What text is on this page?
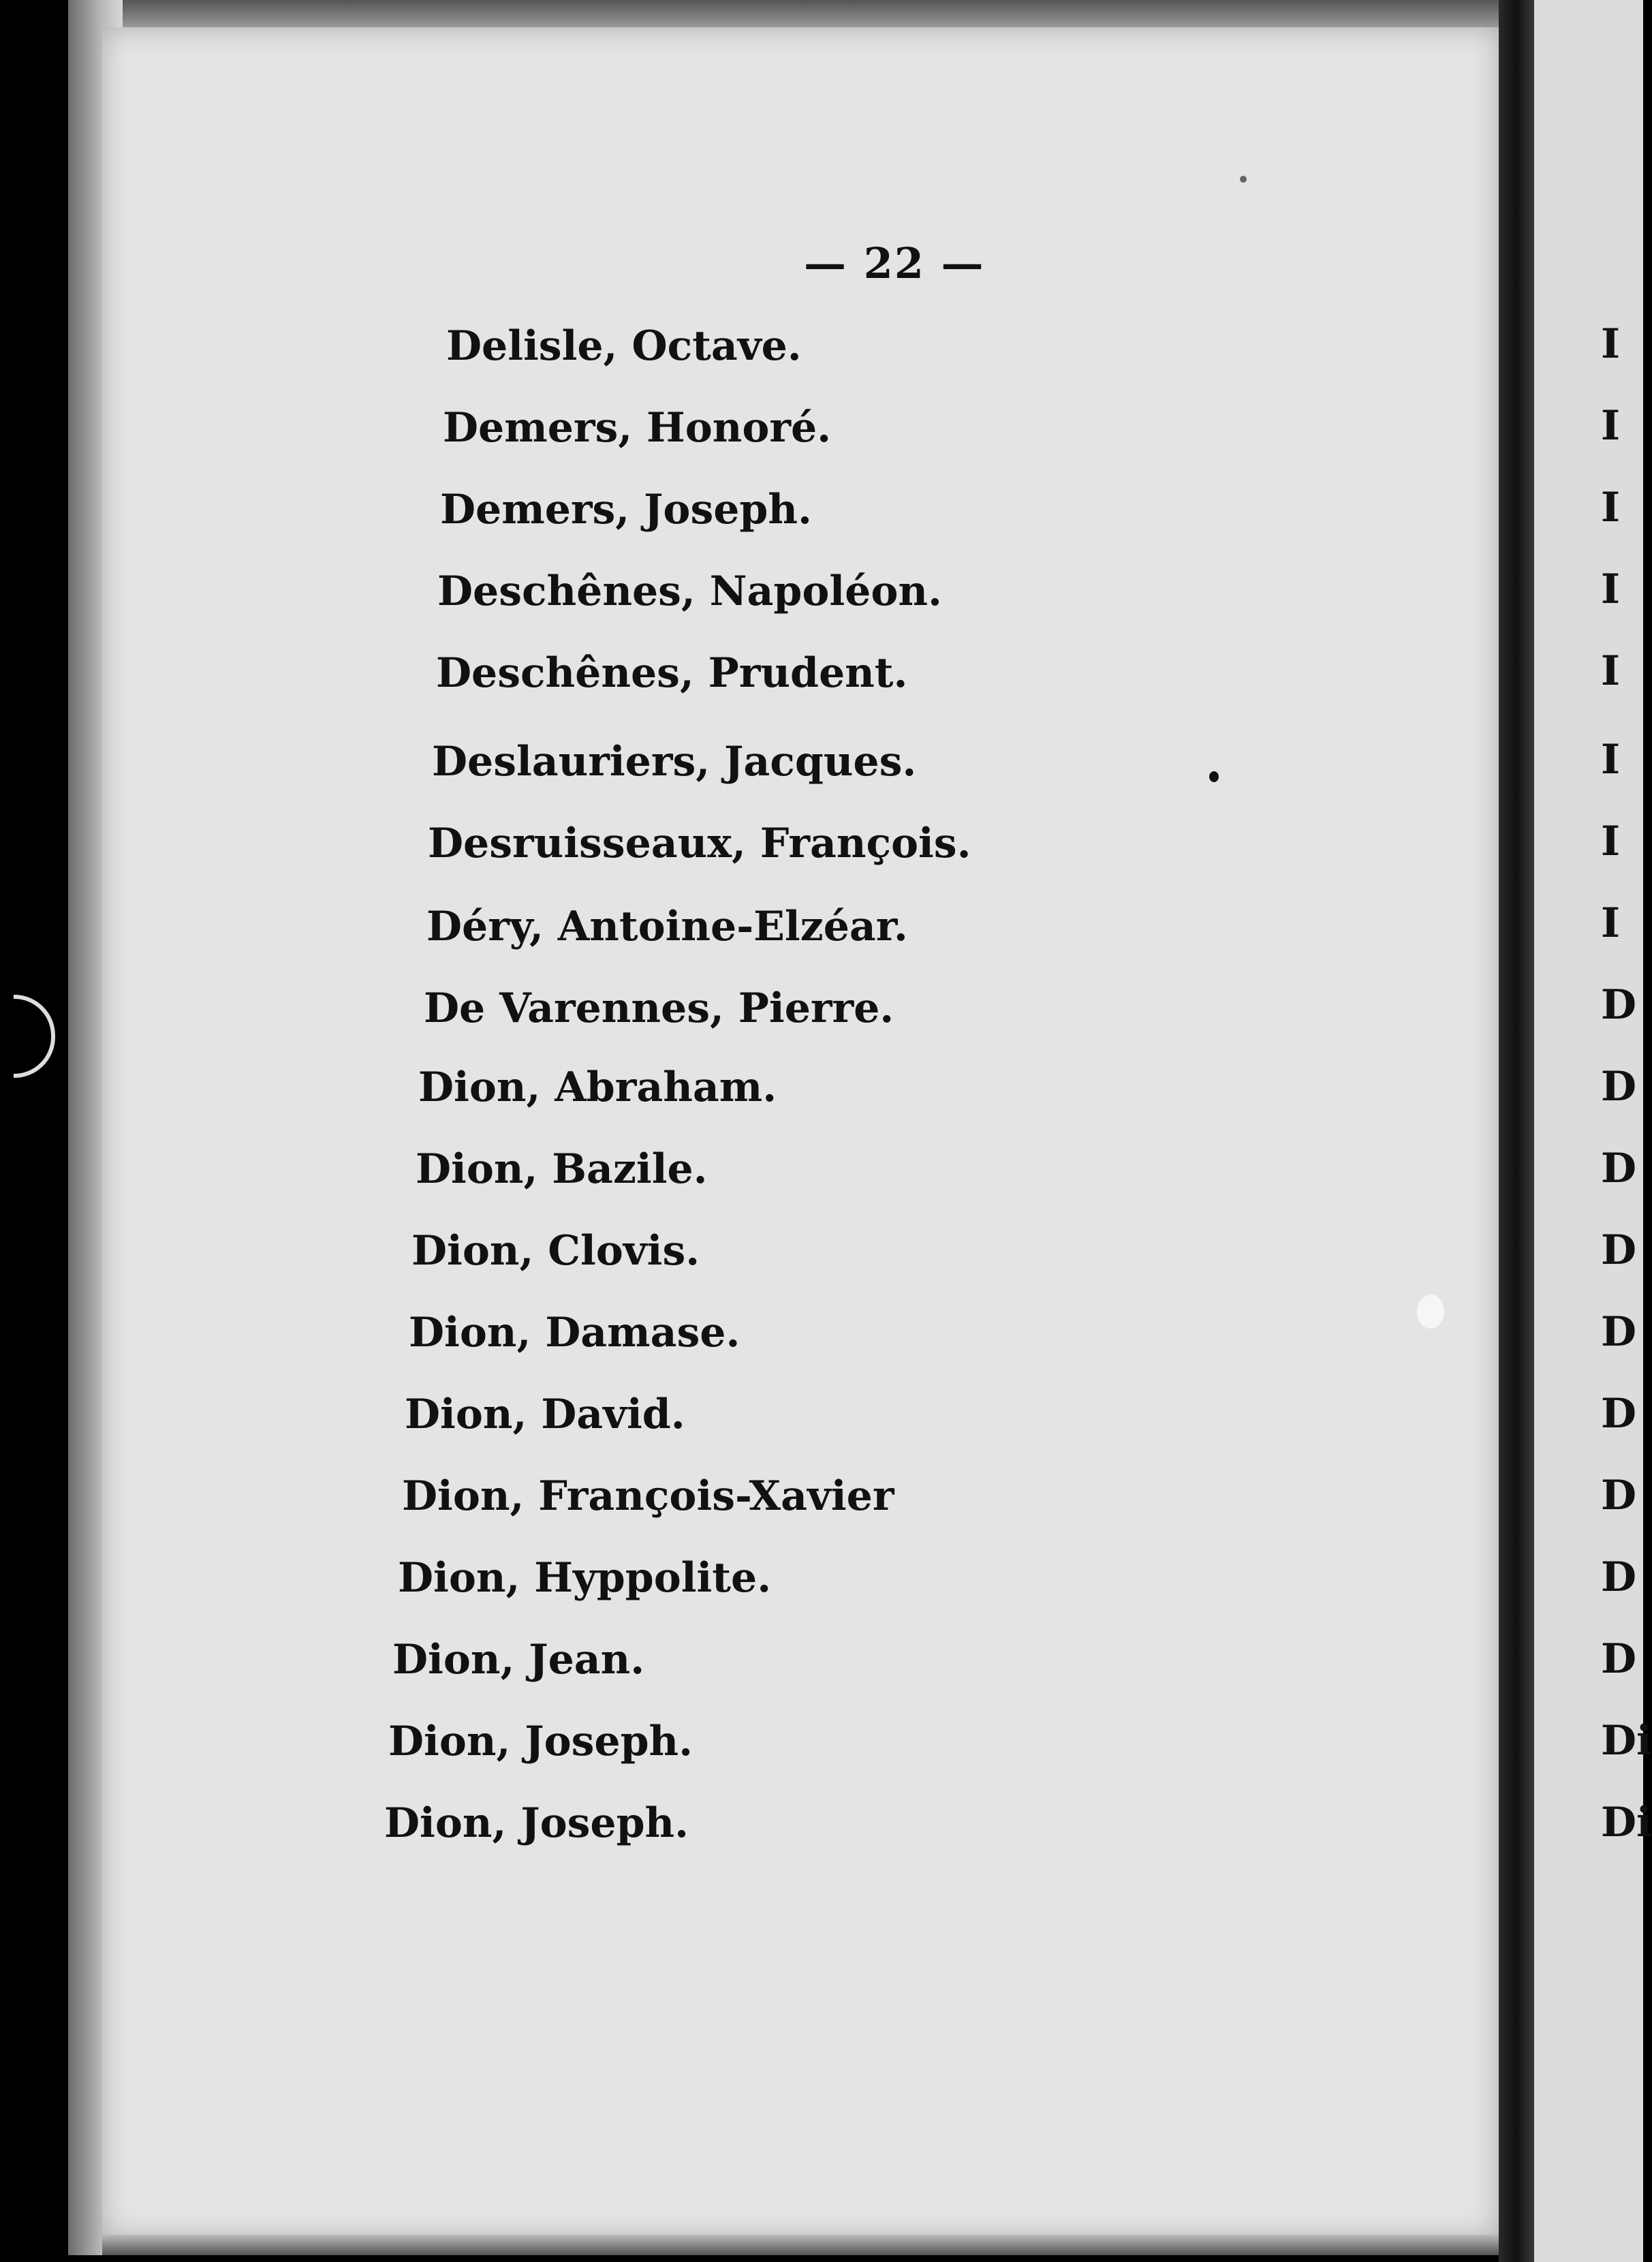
— 22 —
Delisle, Octave.
Demers, Honoré.
Demers, Joseph.
Deschênes, Napoléon.
Deschênes, Prudent.
Deslauriers, Jacques.
Desruisseaux, François.
Déry, Antoine-Elzéar.
De Varennes, Pierre.
Dion, Abraham.
Dion, Bazile.
Dion, Clovis.
Dion, Damase.
Dion, David.
Dion, François-Xavier
Dion, Hyppolite.
Dion, Jean.
Dion, Joseph.
Dion, Joseph.
I
I
I
I
I
I
I
I
D
D
D
D
D
D
D
D
D
Di
Di
